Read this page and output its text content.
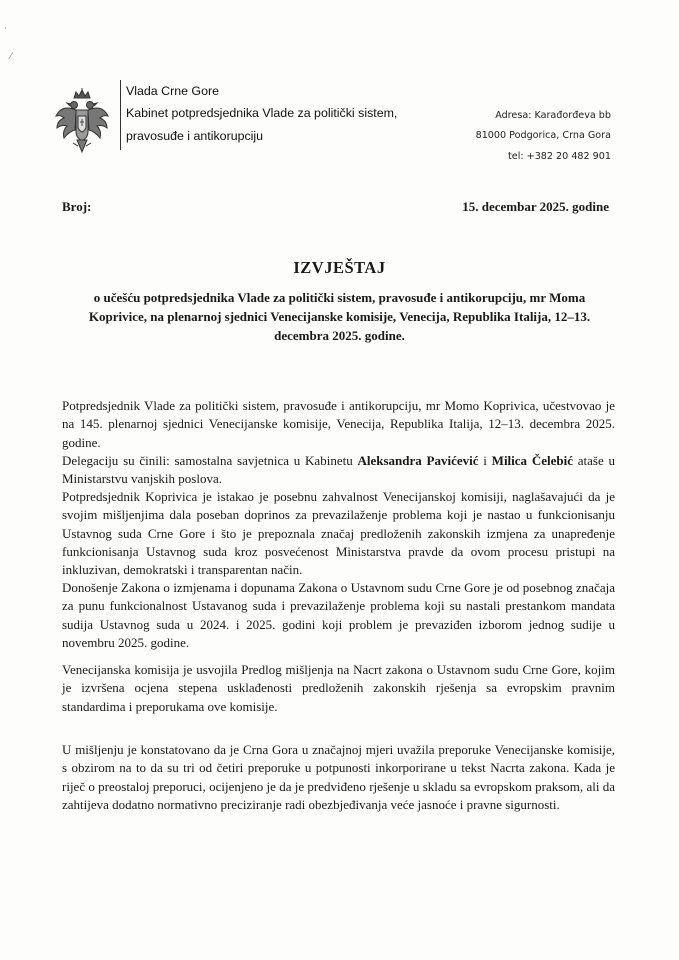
·
⁄
Vlada Crne Gore
Kabinet potpredsjednika Vlade za politički sistem,
pravosuđe i antikorupciju
Adresa: Karađorđeva bb
81000 Podgorica, Crna Gora
tel: +382 20 482 901
Broj:	15. decembar 2025. godine
IZVJEŠTAJ
o učešću potpredsjednika Vlade za politički sistem, pravosuđe i antikorupciju, mr Moma Koprivice, na plenarnoj sjednici Venecijanske komisije, Venecija, Republika Italija, 12–13. decembra 2025. godine.

Potpredsjednik Vlade za politički sistem, pravosuđe i antikorupciju, mr Momo Koprivica, učestvovao je na 145. plenarnoj sjednici Venecijanske komisije, Venecija, Republika Italija, 12–13. decembra 2025. godine.

Delegaciju su činili: samostalna savjetnica u Kabinetu Aleksandra Pavićević i Milica Čelebić ataše u Ministarstvu vanjskih poslova.

Potpredsjednik Koprivica je istakao je posebnu zahvalnost Venecijanskoj komisiji, naglašavajući da je svojim mišljenjima dala poseban doprinos za prevazilaženje problema koji je nastao u funkcionisanju Ustavnog suda Crne Gore i što je prepoznala značaj predloženih zakonskih izmjena za unapređenje funkcionisanja Ustavnog suda kroz posvećenost Ministarstva pravde da ovom procesu pristupi na inkluzivan, demokratski i transparentan način.

Donošenje Zakona o izmjenama i dopunama Zakona o Ustavnom sudu Crne Gore je od posebnog značaja za punu funkcionalnost Ustavanog suda i prevazilaženje problema koji su nastali prestankom mandata sudija Ustavnog suda u 2024. i 2025. godini koji problem je prevaziđen izborom jednog sudije u novembru 2025. godine.

Venecijanska komisija je usvojila Predlog mišljenja na Nacrt zakona o Ustavnom sudu Crne Gore, kojim je izvršena ocjena stepena usklađenosti predloženih zakonskih rješenja sa evropskim pravnim standardima i preporukama ove komisije.

U mišljenju je konstatovano da je Crna Gora u značajnoj mjeri uvažila preporuke Venecijanske komisije, s obzirom na to da su tri od četiri preporuke u potpunosti inkorporirane u tekst Nacrta zakona. Kada je riječ o preostaloj preporuci, ocijenjeno je da je predviđeno rješenje u skladu sa evropskom praksom, ali da zahtijeva dodatno normativno preciziranje radi obezbjeđivanja veće jasnoće i pravne sigurnosti.
